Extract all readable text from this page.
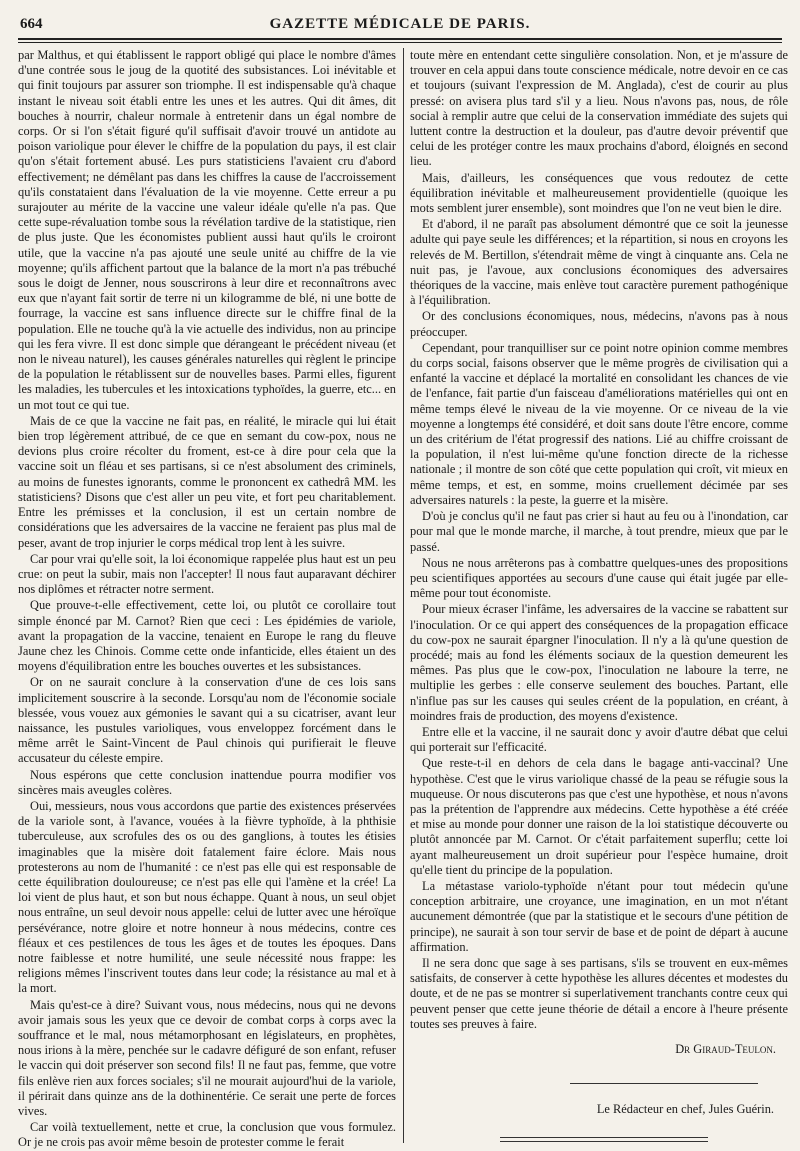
664	GAZETTE MÉDICALE DE PARIS.

par Malthus, et qui établissent le rapport obligé qui place le nombre d'âmes d'une contrée sous le joug de la quotité des subsistances. Loi inévitable et qui finit toujours par assurer son triomphe. Il est indispensable qu'à chaque instant le niveau soit établi entre les unes et les autres. Qui dit âmes, dit bouches à nourrir, chaleur normale à entretenir dans un égal nombre de corps. Or si l'on s'était figuré qu'il suffisait d'avoir trouvé un antidote au poison variolique pour élever le chiffre de la population du pays, il est clair qu'on s'était fortement abusé. Les purs statisticiens l'avaient cru d'abord effectivement; ne démêlant pas dans les chiffres la cause de l'accroissement qu'ils constataient dans l'évaluation de la vie moyenne. Cette erreur a pu surajouter au mérite de la vaccine une valeur idéale qu'elle n'a pas. Que cette supe-révaluation tombe sous la révélation tardive de la statistique, rien de plus juste. Que les économistes publient aussi haut qu'ils le croiront utile, que la vaccine n'a pas ajouté une seule unité au chiffre de la vie moyenne; qu'ils affichent partout que la balance de la mort n'a pas trébuché sous le doigt de Jenner, nous souscrirons à leur dire et reconnaîtrons avec eux que n'ayant fait sortir de terre ni un kilogramme de blé, ni une botte de fourrage, la vaccine est sans influence directe sur le chiffre final de la population. Elle ne touche qu'à la vie actuelle des individus, non au principe qui les fera vivre. Il est donc simple que dérangeant le précédent niveau (et non le niveau naturel), les causes générales naturelles qui règlent le principe de la population le rétablissent sur de nouvelles bases. Parmi elles, figurent les maladies, les tubercules et les intoxications typhoïdes, la guerre, etc... en un mot tout ce qui tue.

Mais de ce que la vaccine ne fait pas, en réalité, le miracle qui lui était bien trop légèrement attribué, de ce que en semant du cow-pox, nous ne devions plus croire récolter du froment, est-ce à dire pour cela que la vaccine soit un fléau et ses partisans, si ce n'est absolument des criminels, au moins de funestes ignorants, comme le prononcent ex cathedrâ MM. les statisticiens? Disons que c'est aller un peu vite, et fort peu charitablement. Entre les prémisses et la conclusion, il est un certain nombre de considérations que les adversaires de la vaccine ne feraient pas plus mal de peser, avant de trop injurier le corps médical trop lent à les suivre.

Car pour vrai qu'elle soit, la loi économique rappelée plus haut est un peu crue: on peut la subir, mais non l'accepter! Il nous faut auparavant déchirer nos diplômes et rétracter notre serment.

Que prouve-t-elle effectivement, cette loi, ou plutôt ce corollaire tout simple énoncé par M. Carnot? Rien que ceci : Les épidémies de variole, avant la propagation de la vaccine, tenaient en Europe le rang du fleuve Jaune chez les Chinois. Comme cette onde infanticide, elles étaient un des moyens d'équilibration entre les bouches ouvertes et les subsistances.

Or on ne saurait conclure à la conservation d'une de ces lois sans implicitement souscrire à la seconde. Lorsqu'au nom de l'économie sociale blessée, vous vouez aux gémonies le savant qui a su cicatriser, avant leur naissance, les pustules varioliques, vous enveloppez forcément dans le même arrêt le Saint-Vincent de Paul chinois qui purifierait le fleuve accusateur du céleste empire.

Nous espérons que cette conclusion inattendue pourra modifier vos sincères mais aveugles colères.

Oui, messieurs, nous vous accordons que partie des existences préservées de la variole sont, à l'avance, vouées à la fièvre typhoïde, à la phthisie tuberculeuse, aux scrofules des os ou des ganglions, à toutes les étisies imaginables que la misère doit fatalement faire éclore. Mais nous protesterons au nom de l'humanité : ce n'est pas elle qui est responsable de cette équilibration douloureuse; ce n'est pas elle qui l'amène et la crée! La loi vient de plus haut, et son but nous échappe. Quant à nous, un seul objet nous entraîne, un seul devoir nous appelle: celui de lutter avec une héroïque persévérance, notre gloire et notre honneur à nous médecins, contre ces fléaux et ces pestilences de tous les âges et de toutes les époques. Dans notre faiblesse et notre humilité, une seule nécessité nous frappe: les religions mêmes l'inscrivent toutes dans leur code; la résistance au mal et à la mort.

Mais qu'est-ce à dire? Suivant vous, nous médecins, nous qui ne devons avoir jamais sous les yeux que ce devoir de combat corps à corps avec la souffrance et le mal, nous métamorphosant en législateurs, en prophètes, nous irions à la mère, penchée sur le cadavre défiguré de son enfant, refuser le vaccin qui doit préserver son second fils! Il ne faut pas, femme, que votre fils enlève rien aux forces sociales; s'il ne mourait aujourd'hui de la variole, il périrait dans quinze ans de la dothinentérie. Ce serait une perte de forces vives.

Car voilà textuellement, nette et crue, la conclusion que vous formulez. Or je ne crois pas avoir même besoin de protester comme le ferait

toute mère en entendant cette singulière consolation. Non, et je m'assure de trouver en cela appui dans toute conscience médicale, notre devoir en ce cas et toujours (suivant l'expression de M. Anglada), c'est de courir au plus pressé: on avisera plus tard s'il y a lieu. Nous n'avons pas, nous, de rôle social à remplir autre que celui de la conservation immédiate des sujets qui luttent contre la destruction et la douleur, pas d'autre devoir préventif que celui de les protéger contre les maux prochains d'abord, éloignés en second lieu.

Mais, d'ailleurs, les conséquences que vous redoutez de cette équilibration inévitable et malheureusement providentielle (quoique les mots semblent jurer ensemble), sont moindres que l'on ne veut bien le dire.

Et d'abord, il ne paraît pas absolument démontré que ce soit la jeunesse adulte qui paye seule les différences; et la répartition, si nous en croyons les relevés de M. Bertillon, s'étendrait même de vingt à cinquante ans. Cela ne nuit pas, je l'avoue, aux conclusions économiques des adversaires théoriques de la vaccine, mais enlève tout caractère purement pathogénique à l'équilibration.

Or des conclusions économiques, nous, médecins, n'avons pas à nous préoccuper.

Cependant, pour tranquilliser sur ce point notre opinion comme membres du corps social, faisons observer que le même progrès de civilisation qui a enfanté la vaccine et déplacé la mortalité en consolidant les chances de vie de l'enfance, fait partie d'un faisceau d'améliorations matérielles qui ont en même temps élevé le niveau de la vie moyenne. Or ce niveau de la vie moyenne a longtemps été considéré, et doit sans doute l'être encore, comme un des critérium de l'état progressif des nations. Lié au chiffre croissant de la population, il n'est lui-même qu'une fonction directe de la richesse nationale ; il montre de son côté que cette population qui croît, vit mieux en même temps, et est, en somme, moins cruellement décimée par ses adversaires naturels : la peste, la guerre et la misère.

D'où je conclus qu'il ne faut pas crier si haut au feu ou à l'inondation, car pour mal que le monde marche, il marche, à tout prendre, mieux que par le passé.

Nous ne nous arrêterons pas à combattre quelques-unes des propositions peu scientifiques apportées au secours d'une cause qui était jugée par elle-même pour tout économiste.

Pour mieux écraser l'infâme, les adversaires de la vaccine se rabattent sur l'inoculation. Or ce qui appert des conséquences de la propagation efficace du cow-pox ne saurait épargner l'inoculation. Il n'y a là qu'une question de procédé; mais au fond les éléments sociaux de la question demeurent les mêmes. Pas plus que le cow-pox, l'inoculation ne laboure la terre, ne multiplie les gerbes : elle conserve seulement des bouches. Partant, elle n'influe pas sur les causes qui seules créent de la population, en créant, à moindres frais de production, des moyens d'existence.

Entre elle et la vaccine, il ne saurait donc y avoir d'autre débat que celui qui porterait sur l'efficacité.

Que reste-t-il en dehors de cela dans le bagage anti-vaccinal? Une hypothèse. C'est que le virus variolique chassé de la peau se réfugie sous la muqueuse. Or nous discuterons pas que c'est une hypothèse, et nous n'avons pas la prétention de l'apprendre aux médecins. Cette hypothèse a été créée et mise au monde pour donner une raison de la loi statistique découverte ou plutôt annoncée par M. Carnot. Or c'était parfaitement superflu; cette loi ayant malheureusement un droit supérieur pour l'espèce humaine, droit qu'elle tient du principe de la population.

La métastase variolo-typhoïde n'étant pour tout médecin qu'une conception arbitraire, une croyance, une imagination, en un mot n'étant aucunement démontrée (que par la statistique et le secours d'une pétition de principe), ne saurait à son tour servir de base et de point de départ à aucune affirmation.

Il ne sera donc que sage à ses partisans, s'ils se trouvent en eux-mêmes satisfaits, de conserver à cette hypothèse les allures décentes et modestes du doute, et de ne pas se montrer si superlativement tranchants contre ceux qui peuvent penser que cette jeune théorie de détail a encore à l'heure présente toutes ses preuves à faire.

Dr Giraud-Teulon.
Le Rédacteur en chef, Jules Guérin.
